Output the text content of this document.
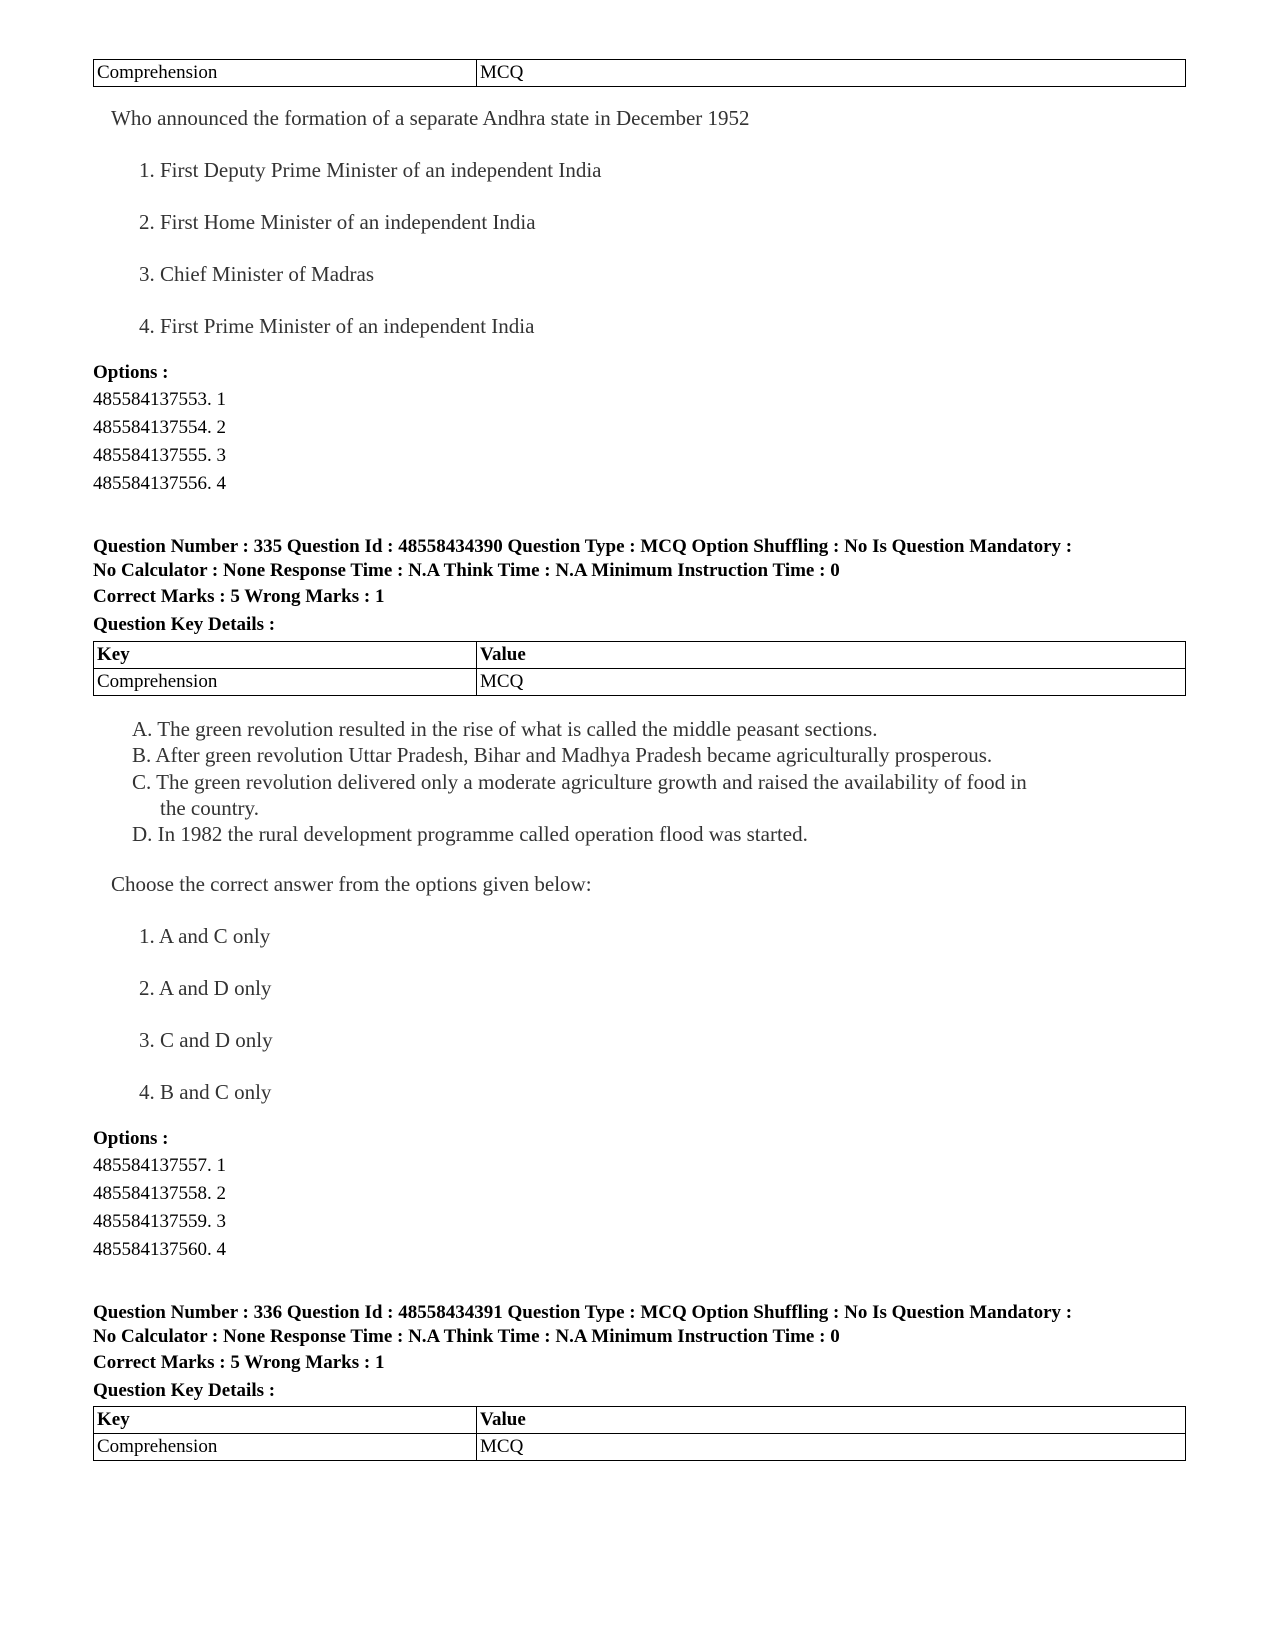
Comprehension	MCQ
Who announced the formation of a separate Andhra state in December 1952
1. First Deputy Prime Minister of an independent India
2. First Home Minister of an independent India
3. Chief Minister of Madras
4. First Prime Minister of an independent India
Options :
485584137553. 1
485584137554. 2
485584137555. 3
485584137556. 4
Question Number : 335 Question Id : 48558434390 Question Type : MCQ Option Shuffling : No Is Question Mandatory :
No Calculator : None Response Time : N.A Think Time : N.A Minimum Instruction Time : 0
Correct Marks : 5 Wrong Marks : 1
Question Key Details :
Key	Value
Comprehension	MCQ
A. The green revolution resulted in the rise of what is called the middle peasant sections.
B. After green revolution Uttar Pradesh, Bihar and Madhya Pradesh became agriculturally prosperous.
C. The green revolution delivered only a moderate agriculture growth and raised the availability of food in
the country.
D. In 1982 the rural development programme called operation flood was started.
Choose the correct answer from the options given below:
1. A and C only
2. A and D only
3. C and D only
4. B and C only
Options :
485584137557. 1
485584137558. 2
485584137559. 3
485584137560. 4
Question Number : 336 Question Id : 48558434391 Question Type : MCQ Option Shuffling : No Is Question Mandatory :
No Calculator : None Response Time : N.A Think Time : N.A Minimum Instruction Time : 0
Correct Marks : 5 Wrong Marks : 1
Question Key Details :
Key	Value
Comprehension	MCQ
